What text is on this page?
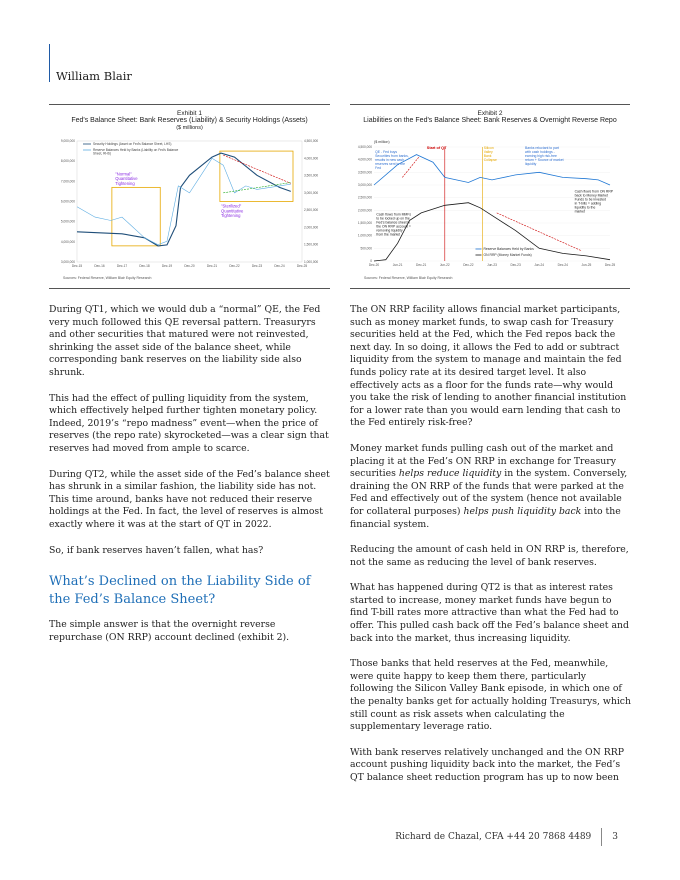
William Blair
3,000,000
4,000,000
5,000,000
6,000,000
7,000,000
8,000,000
9,000,000
1,000,000
1,500,000
2,000,000
2,500,000
3,000,000
3,500,000
4,000,000
4,500,000
Dec-15	Dec-16	Dec-17	Dec-18	Dec-19	Dec-20	Dec-21	Dec-22	Dec-23	Dec-24	Dec-25
Security Holdings (Asset on Fed's Balance Sheet, LHS)
Reserve Balances Held by Banks (Liability on Fed's Balance
Sheet, RHS)
"Normal"
Quantitative
Tightening
"Sterilized"
Quantitative
Tightening
Exhibit 1
Fed's Balance Sheet: Bank Reserves (Liability) & Security Holdings (Assets)
($ millions)
Sources: Federal Reserve, William Blair Equity Research
($ million)
0
500,000
1,000,000
1,500,000
2,000,000
2,500,000
3,000,000
3,500,000
4,000,000
4,500,000
Dec-20	Jun-21	Dec-21	Jun-22	Dec-22	Jun-23	Dec-23	Jun-24	Dec-24	Jun-25	Dec-25
Reserve Balances Held by Banks
ON RRP (Money Market Funds)
QE - Fed buys
Securities from banks,
results in new cash
reserves sent to the
Fed
Start of QT	Silicon
Valley
Bank
Collapse
Banks reluctant to part
with cash holdings -
earning high risk-free
return + Source of market
liquidity
Cash flows from MMFs
to be locked up on the
Fed's balance sheet in
the ON RRP account =
removing liquidity
from the market
Cash flows from ON RRP
back to Money Market
Funds to be invested
in T-bills = adding
liquidity to the
market
Exhibit 2
Liabilities on the Fed's Balance Sheet: Bank Reserves & Overnight Reverse Repo
Sources: Federal Reserve, William Blair Equity Research

During QT1, which we would dub a “normal” QE, the Fed very much followed this QE reversal pattern. Treasuryrs and other securities that matured were not reinvested, shrinking the asset side of the balance sheet, while corresponding bank reserves on the liability side also shrunk.

This had the effect of pulling liquidity from the system, which effectively helped further tighten monetary policy. Indeed, 2019’s “repo madness” event—when the price of reserves (the repo rate) skyrocketed—was a clear sign that reserves had moved from ample to scarce.

During QT2, while the asset side of the Fed’s balance sheet has shrunk in a similar fashion, the liability side has not. This time around, banks have not reduced their reserve holdings at the Fed. In fact, the level of reserves is almost exactly where it was at the start of QT in 2022.

So, if bank reserves haven’t fallen, what has?

What’s Declined on the Liability Side of the Fed’s Balance Sheet?

The simple answer is that the overnight reverse repurchase (ON RRP) account declined (exhibit 2).

The ON RRP facility allows financial market participants, such as money market funds, to swap cash for Treasury securities held at the Fed, which the Fed repos back the next day. In so doing, it allows the Fed to add or subtract liquidity from the system to manage and maintain the fed funds policy rate at its desired target level. It also effectively acts as a floor for the funds rate—why would you take the risk of lending to another financial institution for a lower rate than you would earn lending that cash to the Fed entirely risk-free?

Money market funds pulling cash out of the market and placing it at the Fed’s ON RRP in exchange for Treasury securities helps reduce liquidity in the system. Conversely, draining the ON RRP of the funds that were parked at the Fed and effectively out of the system (hence not available for collateral purposes) helps push liquidity back into the financial system.

Reducing the amount of cash held in ON RRP is, therefore, not the same as reducing the level of bank reserves.

What has happened during QT2 is that as interest rates started to increase, money market funds have begun to find T-bill rates more attractive than what the Fed had to offer. This pulled cash back off the Fed’s balance sheet and back into the market, thus increasing liquidity.

Those banks that held reserves at the Fed, meanwhile, were quite happy to keep them there, particularly following the Silicon Valley Bank episode, in which one of the penalty banks get for actually holding Treasurys, which still count as risk assets when calculating the supplementary leverage ratio.

With bank reserves relatively unchanged and the ON RRP account pushing liquidity back into the market, the Fed’s QT balance sheet reduction program has up to now been

Richard de Chazal, CFA +44 20 7868 4489 3
